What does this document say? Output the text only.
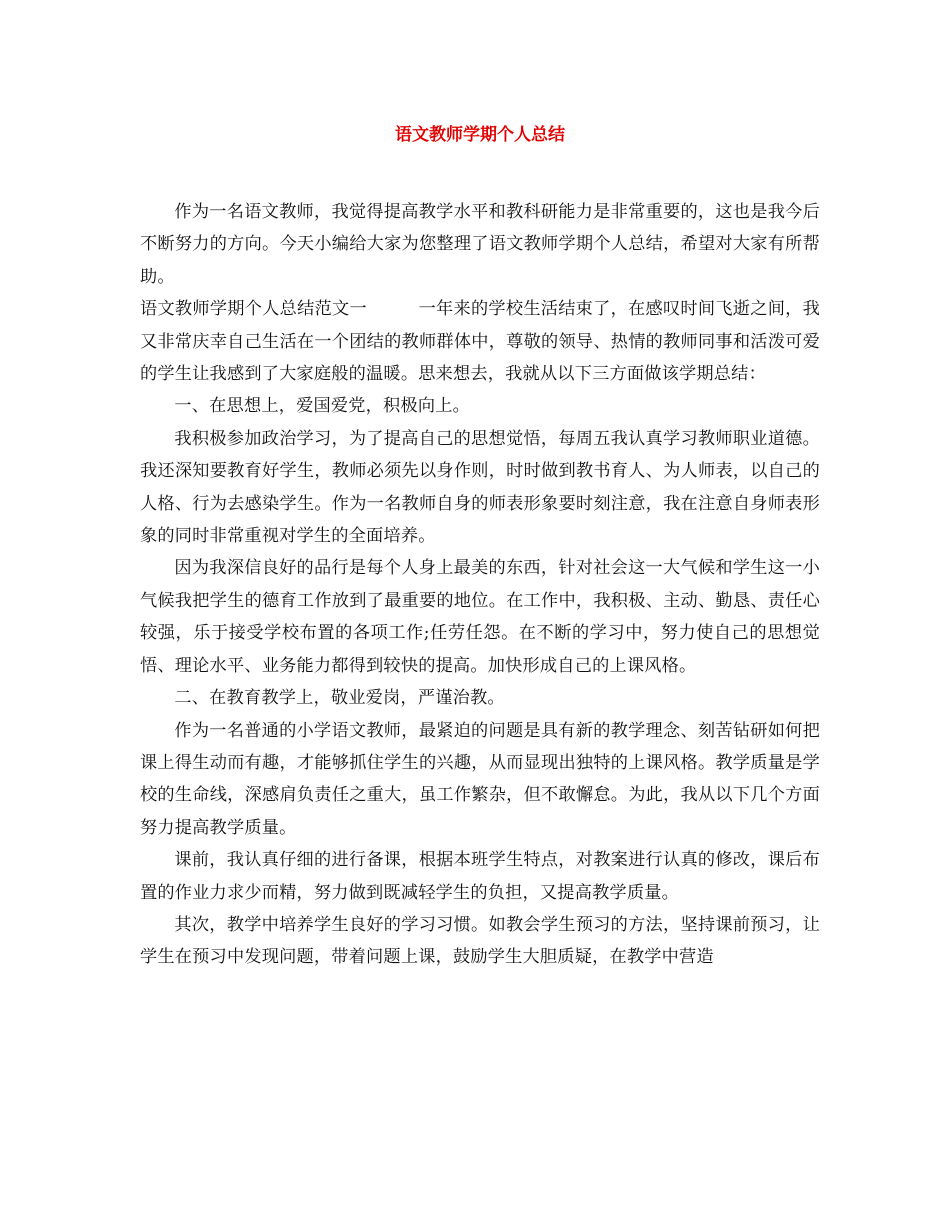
语文教师学期个人总结

作为一名语文教师，我觉得提高教学水平和教科研能力是非常重要的，这也是我今后不断努力的方向。今天小编给大家为您整理了语文教师学期个人总结，希望对大家有所帮助。

语文教师学期个人总结范文一	一年来的学校生活结束了，在感叹时间飞逝之间，我又非常庆幸自己生活在一个团结的教师群体中，尊敬的领导、热情的教师同事和活泼可爱的学生让我感到了大家庭般的温暖。思来想去，我就从以下三方面做该学期总结：

一、在思想上，爱国爱党，积极向上。

我积极参加政治学习，为了提高自己的思想觉悟，每周五我认真学习教师职业道德。我还深知要教育好学生，教师必须先以身作则，时时做到教书育人、为人师表，以自己的人格、行为去感染学生。作为一名教师自身的师表形象要时刻注意，我在注意自身师表形象的同时非常重视对学生的全面培养。

因为我深信良好的品行是每个人身上最美的东西，针对社会这一大气候和学生这一小气候我把学生的德育工作放到了最重要的地位。在工作中，我积极、主动、勤恳、责任心较强，乐于接受学校布置的各项工作;任劳任怨。在不断的学习中，努力使自己的思想觉悟、理论水平、业务能力都得到较快的提高。加快形成自己的上课风格。

二、在教育教学上，敬业爱岗，严谨治教。

作为一名普通的小学语文教师，最紧迫的问题是具有新的教学理念、刻苦钻研如何把课上得生动而有趣，才能够抓住学生的兴趣，从而显现出独特的上课风格。教学质量是学校的生命线，深感肩负责任之重大，虽工作繁杂，但不敢懈怠。为此，我从以下几个方面努力提高教学质量。

课前，我认真仔细的进行备课，根据本班学生特点，对教案进行认真的修改，课后布置的作业力求少而精，努力做到既减轻学生的负担，又提高教学质量。

其次，教学中培养学生良好的学习习惯。如教会学生预习的方法，坚持课前预习，让学生在预习中发现问题，带着问题上课，鼓励学生大胆质疑，在教学中营造
